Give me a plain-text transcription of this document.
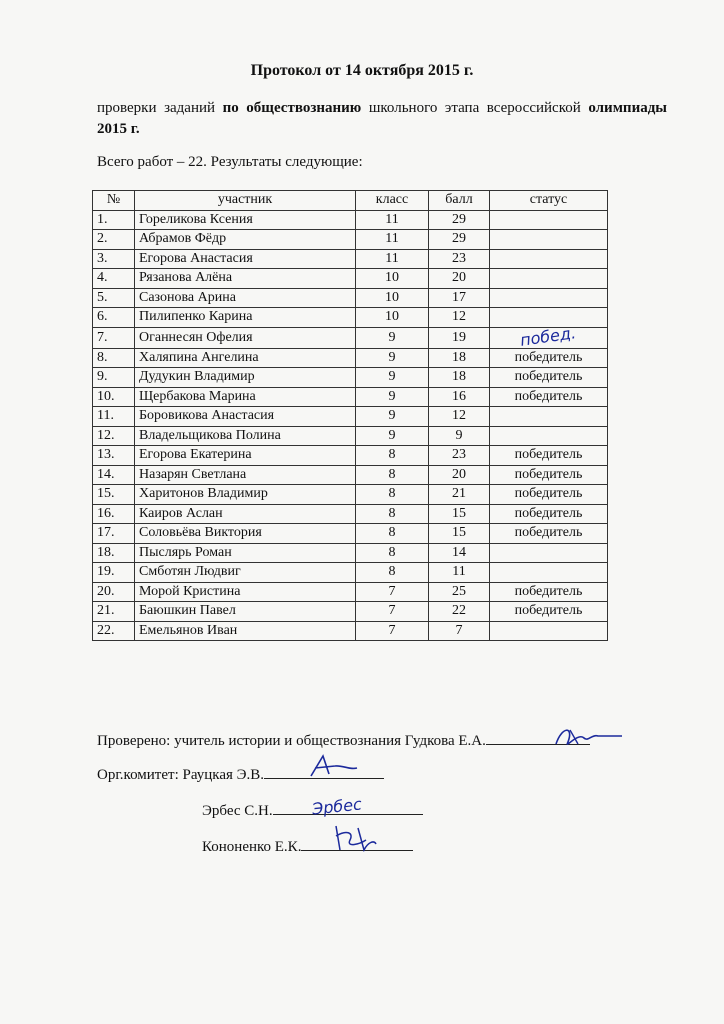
Протокол от 14 октября 2015 г.
проверки заданий по обществознанию школьного этапа всероссийской олимпиады 2015 г.
Всего работ – 22. Результаты следующие:
№	участник	класс	балл	статус
1.	Гореликова Ксения	11	29	
2.	Абрамов Фёдр	11	29	
3.	Егорова Анастасия	11	23	
4.	Рязанова Алёна	10	20	
5.	Сазонова Арина	10	17	
6.	Пилипенко Карина	10	12	
7.	Оганнесян Офелия	9	19	побед.
8.	Халяпина Ангелина	9	18	победитель
9.	Дудукин Владимир	9	18	победитель
10.	Щербакова Марина	9	16	победитель
11.	Боровикова Анастасия	9	12	
12.	Владельщикова Полина	9	9	
13.	Егорова Екатерина	8	23	победитель
14.	Назарян Светлана	8	20	победитель
15.	Харитонов Владимир	8	21	победитель
16.	Каиров Аслан	8	15	победитель
17.	Соловьёва Виктория	8	15	победитель
18.	Пыслярь Роман	8	14	
19.	Смботян Людвиг	8	11	
20.	Морой Кристина	7	25	победитель
21.	Баюшкин Павел	7	22	победитель
22.	Емельянов Иван	7	7	
Проверено: учитель истории и обществознания Гудкова Е.А.
Орг.комитет: Рауцкая Э.В.
Эрбес С.Н.	Эрбес
Кононенко Е.К.
